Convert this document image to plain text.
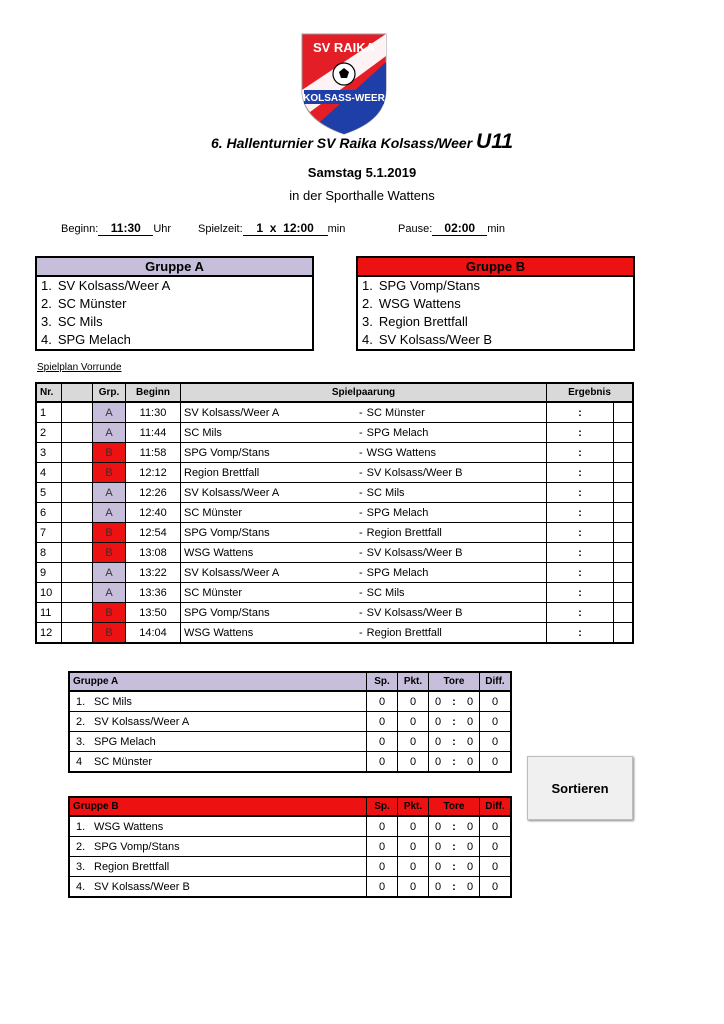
SV RAIKA
KOLSASS-WEER
6. Hallenturnier SV Raika Kolsass/Weer U11
Samstag 5.1.2019
in der Sporthalle Wattens
Beginn: 11:30 Uhr Spielzeit: 1 x 12:00 min	Pause: 02:00 min
Gruppe A
1. SV Kolsass/Weer A
2. SC Münster
3. SC Mils
4. SPG Melach
Gruppe B
1. SPG Vomp/Stans
2. WSG Wattens
3. Region Brettfall
4. SV Kolsass/Weer B
Spielplan Vorrunde
Nr.		Grp.	Beginn	Spielpaarung	Ergebnis	
1		A	11:30	SV Kolsass/Weer A - SC Münster	:	
2		A	11:44	SC Mils - SPG Melach	:	
3		B	11:58	SPG Vomp/Stans - WSG Wattens	:	
4		B	12:12	Region Brettfall - SV Kolsass/Weer B	:	
5		A	12:26	SV Kolsass/Weer A - SC Mils	:	
6		A	12:40	SC Münster - SPG Melach	:	
7		B	12:54	SPG Vomp/Stans - Region Brettfall	:	
8		B	13:08	WSG Wattens - SV Kolsass/Weer B	:	
9		A	13:22	SV Kolsass/Weer A - SPG Melach	:	
10		A	13:36	SC Münster - SC Mils	:	
11		B	13:50	SPG Vomp/Stans - SV Kolsass/Weer B	:	
12		B	14:04	WSG Wattens - Region Brettfall	:	
Gruppe A	Sp.	Pkt.	Tore			Diff.
1. SC Mils	0	0	0	:	0	0
2. SV Kolsass/Weer A	0	0	0	:	0	0
3. SPG Melach	0	0	0	:	0	0
4 SC Münster	0	0	0	:	0	0
Gruppe B	Sp.	Pkt.	Tore			Diff.
1. WSG Wattens	0	0	0	:	0	0
2. SPG Vomp/Stans	0	0	0	:	0	0
3. Region Brettfall	0	0	0	:	0	0
4. SV Kolsass/Weer B	0	0	0	:	0	0
Sortieren
